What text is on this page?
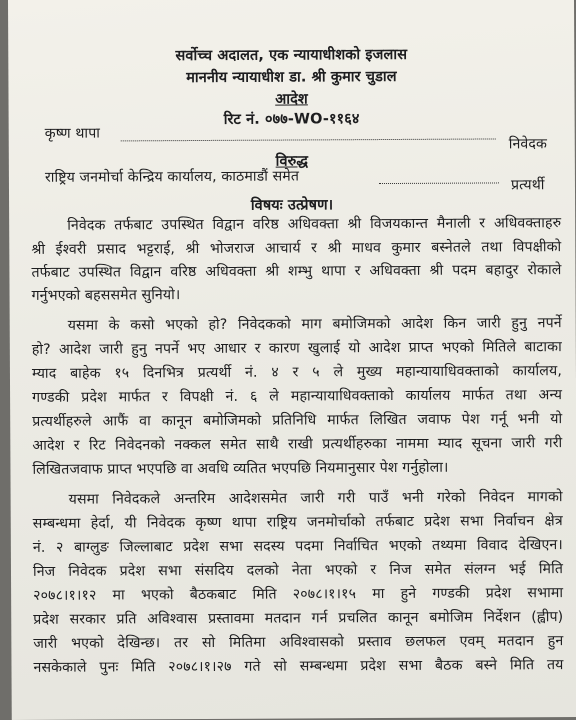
सर्वोच्च अदालत, एक न्यायाधीशको इजलास
माननीय न्यायाधीश डा. श्री कुमार चुडाल
आदेश
रिट नं. ०७७-WO-११६४
कृष्ण थापा
निवेदक
विरुद्ध
राष्ट्रिय जनमोर्चा केन्द्रिय कार्यालय, काठमाडौं समेत	प्रत्यर्थी
विषयः उत्प्रेषण।
निवेदक तर्फबाट उपस्थित विद्वान वरिष्ठ अधिवक्ता श्री विजयकान्त मैनाली र अधिवक्ताहरु
श्री ईश्वरी प्रसाद भट्टराई, श्री भोजराज आचार्य र श्री माधव कुमार बस्नेतले तथा विपक्षीको
तर्फबाट उपस्थित विद्वान वरिष्ठ अधिवक्ता श्री शम्भु थापा र अधिवक्ता श्री पदम बहादुर रोकाले
गर्नुभएको बहससमेत सुनियो।
यसमा के कसो भएको हो? निवेदकको माग बमोजिमको आदेश किन जारी हुनु नपर्ने
हो? आदेश जारी हुनु नपर्ने भए आधार र कारण खुलाई यो आदेश प्राप्त भएको मितिले बाटाका
म्याद बाहेक १५ दिनभित्र प्रत्यर्थी नं. ४ र ५ ले मुख्य महान्यायाधिवक्ताको कार्यालय,
गण्डकी प्रदेश मार्फत र विपक्षी नं. ६ ले महान्यायाधिवक्ताको कार्यालय मार्फत तथा अन्य
प्रत्यर्थीहरुले आफैं वा कानून बमोजिमको प्रतिनिधि मार्फत लिखित जवाफ पेश गर्नू भनी यो
आदेश र रिट निवेदनको नक्कल समेत साथै राखी प्रत्यर्थीहरुका नाममा म्याद सूचना जारी गरी
लिखितजवाफ प्राप्त भएपछि वा अवधि व्यतित भएपछि नियमानुसार पेश गर्नुहोला।
यसमा निवेदकले अन्तरिम आदेशसमेत जारी गरी पाउँ भनी गरेको निवेदन मागको
सम्बन्धमा हेर्दा, यी निवेदक कृष्ण थापा राष्ट्रिय जनमोर्चाको तर्फबाट प्रदेश सभा निर्वाचन क्षेत्र
नं. २ बाग्लुङ जिल्लाबाट प्रदेश सभा सदस्य पदमा निर्वाचित भएको तथ्यमा विवाद देखिएन।
निज निवेदक प्रदेश सभा संसदिय दलको नेता भएको र निज समेत संलग्न भई मिति
२०७८।१।१२ मा भएको बैठकबाट मिति २०७८।१।१५ मा हुने गण्डकी प्रदेश सभामा
प्रदेश सरकार प्रति अविश्वास प्रस्तावमा मतदान गर्न प्रचलित कानून बमोजिम निर्देशन (ह्वीप)
जारी भएको देखिन्छ। तर सो मितिमा अविश्वासको प्रस्ताव छलफल एवम् मतदान हुन
नसकेकाले पुनः मिति २०७८।१।२७ गते सो सम्बन्धमा प्रदेश सभा बैठक बस्ने मिति तय
